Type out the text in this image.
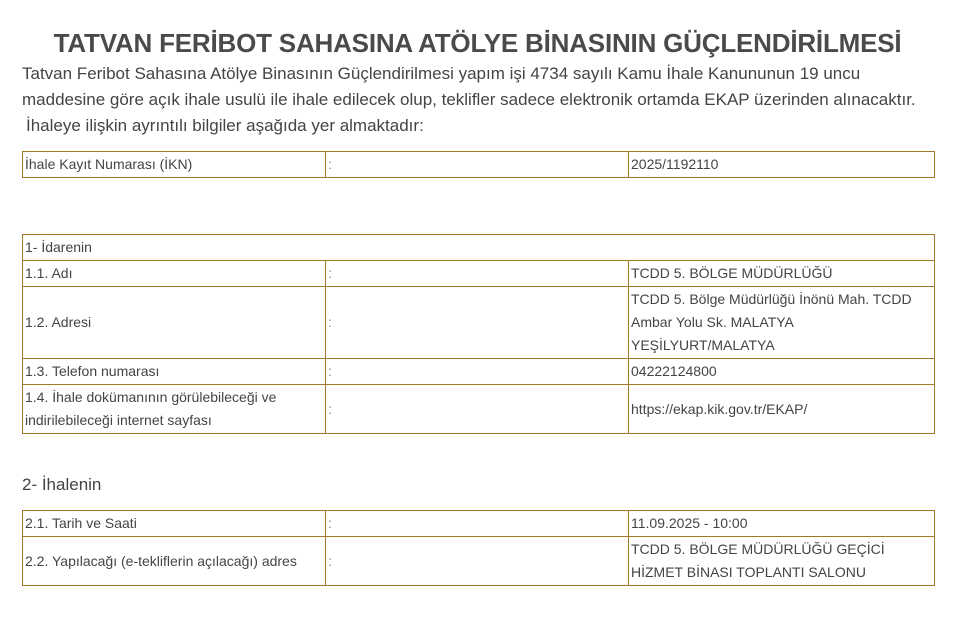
TATVAN FERİBOT SAHASINA ATÖLYE BİNASININ GÜÇLENDİRİLMESİ

Tatvan Feribot Sahasına Atölye Binasının Güçlendirilmesi yapım işi 4734 sayılı Kamu İhale Kanununun 19 uncu maddesine göre açık ihale usulü ile ihale edilecek olup, teklifler sadece elektronik ortamda EKAP üzerinden alınacaktır.

İhaleye ilişkin ayrıntılı bilgiler aşağıda yer almaktadır:

İhale Kayıt Numarası (İKN)	:	2025/1192110
1- İdarenin		
1.1. Adı	:	TCDD 5. BÖLGE MÜDÜRLÜĞÜ
1.2. Adresi	:	TCDD 5. Bölge Müdürlüğü İnönü Mah. TCDD Ambar Yolu Sk. MALATYA YEŞİLYURT/MALATYA
1.3. Telefon numarası	:	04222124800
1.4. İhale dokümanının görülebileceği ve indirilebileceği internet sayfası	:	https://ekap.kik.gov.tr/EKAP/
2- İhalenin
2.1. Tarih ve Saati	:	11.09.2025 - 10:00
2.2. Yapılacağı (e-tekliflerin açılacağı) adres	:	TCDD 5. BÖLGE MÜDÜRLÜĞÜ GEÇİCİ HİZMET BİNASI TOPLANTI SALONU
